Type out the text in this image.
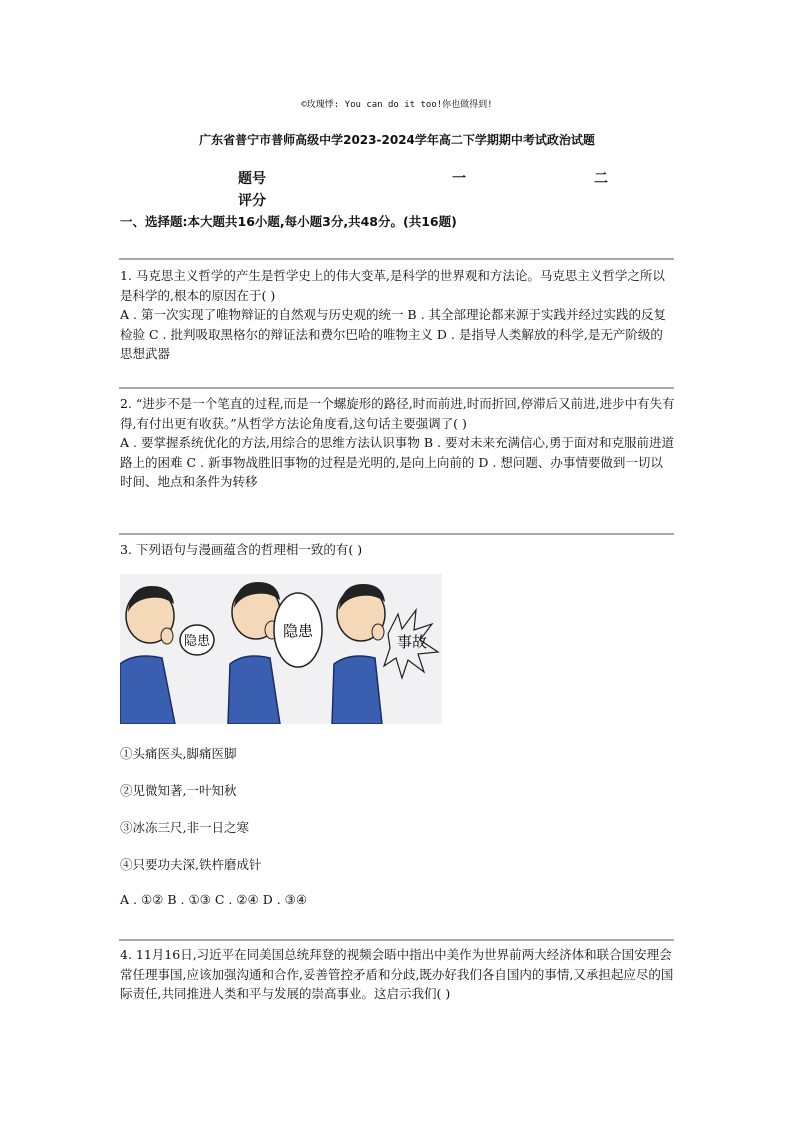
©玫瑰悸: You can do it too!你也做得到!
广东省普宁市普师高级中学2023-2024学年高二下学期期中考试政治试题
题号	一	二
评分
一、选择题:本大题共16小题,每小题3分,共48分。(共16题)

1. 马克思主义哲学的产生是哲学史上的伟大变革,是科学的世界观和方法论。马克思主义哲学之所以是科学的,根本的原因在于( )

A . 第一次实现了唯物辩证的自然观与历史观的统一 B . 其全部理论都来源于实践并经过实践的反复检验 C . 批判吸取黑格尔的辩证法和费尔巴哈的唯物主义 D . 是指导人类解放的科学,是无产阶级的思想武器

2. “进步不是一个笔直的过程,而是一个螺旋形的路径,时而前进,时而折回,停滞后又前进,进步中有失有得,有付出更有收获。”从哲学方法论角度看,这句话主要强调了( )

A . 要掌握系统优化的方法,用综合的思维方法认识事物 B . 要对未来充满信心,勇于面对和克服前进道路上的困难 C . 新事物战胜旧事物的过程是光明的,是向上向前的 D . 想问题、办事情要做到一切以时间、地点和条件为转移

3. 下列语句与漫画蕴含的哲理相一致的有( )
隐患
隐患
事故
①头痛医头,脚痛医脚
②见微知著,一叶知秋
③冰冻三尺,非一日之寒
④只要功夫深,铁杵磨成针
A . ①② B . ①③ C . ②④ D . ③④
4. 11月16日,习近平在同美国总统拜登的视频会晤中指出中美作为世界前两大经济体和联合国安理会常任理事国,应该加强沟通和合作,妥善管控矛盾和分歧,既办好我们各自国内的事情,又承担起应尽的国际责任,共同推进人类和平与发展的崇高事业。这启示我们( )
